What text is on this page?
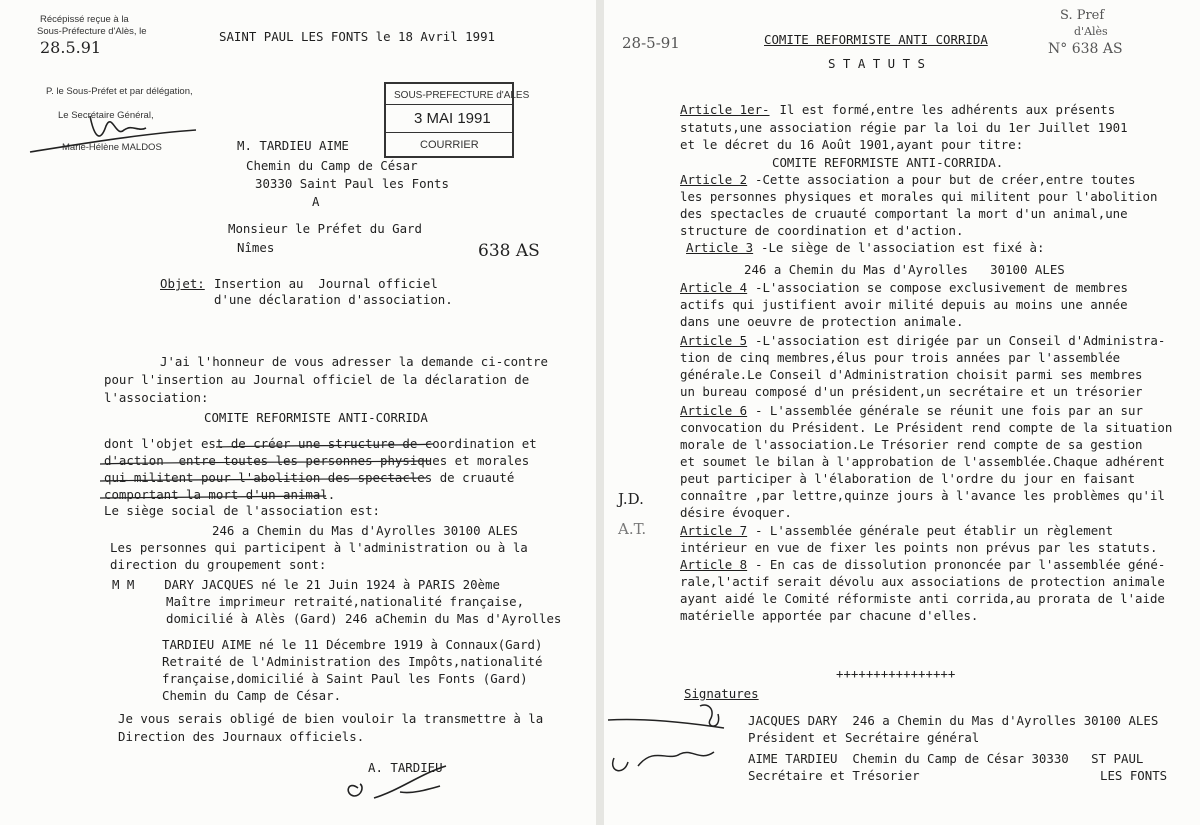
Récépissé reçue à la
Sous-Préfecture d'Alès, le
28.5.91
P. le Sous-Préfet et par délégation,
Le Secrétaire Général,
Marie-Hélène MALDOS
SAINT PAUL LES FONTS le 18 Avril 1991
SOUS-PREFECTURE d'ALES
3 MAI 1991
COURRIER
M. TARDIEU AIME
Chemin du Camp de César
30330 Saint Paul les Fonts
A
Monsieur le Préfet du Gard
Nîmes	638 AS
Objet: Insertion au  Journal officiel
d'une déclaration d'association.
J'ai l'honneur de vous adresser la demande ci-contre
pour l'insertion au Journal officiel de la déclaration de
l'association:
COMITE REFORMISTE ANTI-CORRIDA
dont l'objet est de créer une structure de coordination et
d'action  entre toutes les personnes physiques et morales
qui militent pour l'abolition des spectacles de cruauté
comportant la mort d'un animal.
Le siège social de l'association est:
246 a Chemin du Mas d'Ayrolles 30100 ALES
Les personnes qui participent à l'administration ou à la
direction du groupement sont:
M M    DARY JACQUES né le 21 Juin 1924 à PARIS 20ème
Maître imprimeur retraité,nationalité française,
domicilié à Alès (Gard) 246 aChemin du Mas d'Ayrolles
TARDIEU AIME né le 11 Décembre 1919 à Connaux(Gard)
Retraité de l'Administration des Impôts,nationalité
française,domicilié à Saint Paul les Fonts (Gard)
Chemin du Camp de César.
Je vous serais obligé de bien vouloir la transmettre à la
Direction des Journaux officiels.
A. TARDIEU
28-5-91
S. Pref
d'Alès
N° 638 AS
COMITE REFORMISTE ANTI CORRIDA
S T A T U T S
Article 1er- Il est formé,entre les adhérents aux présents
statuts,une association régie par la loi du 1er Juillet 1901
et le décret du 16 Août 1901,ayant pour titre:
COMITE REFORMISTE ANTI-CORRIDA.
Article 2 -Cette association a pour but de créer,entre toutes
les personnes physiques et morales qui militent pour l'abolition
des spectacles de cruauté comportant la mort d'un animal,une
structure de coordination et d'action.
Article 3 -Le siège de l'association est fixé à:
246 a Chemin du Mas d'Ayrolles   30100 ALES
Article 4 -L'association se compose exclusivement de membres
actifs qui justifient avoir milité depuis au moins une année
dans une oeuvre de protection animale.
Article 5 -L'association est dirigée par un Conseil d'Administra-
tion de cinq membres,élus pour trois années par l'assemblée
générale.Le Conseil d'Administration choisit parmi ses membres
un bureau composé d'un président,un secrétaire et un trésorier
Article 6 - L'assemblée générale se réunit une fois par an sur
convocation du Président. Le Président rend compte de la situation
morale de l'association.Le Trésorier rend compte de sa gestion
et soumet le bilan à l'approbation de l'assemblée.Chaque adhérent
peut participer à l'élaboration de l'ordre du jour en faisant
connaître ,par lettre,quinze jours à l'avance les problèmes qu'il
désire évoquer.
Article 7 - L'assemblée générale peut établir un règlement
intérieur en vue de fixer les points non prévus par les statuts.
Article 8 - En cas de dissolution prononcée par l'assemblée géné-
rale,l'actif serait dévolu aux associations de protection animale
ayant aidé le Comité réformiste anti corrida,au prorata de l'aide
matérielle apportée par chacune d'elles.
J.D.
A.T.
++++++++++++++++
Signatures
JACQUES DARY  246 a Chemin du Mas d'Ayrolles 30100 ALES
Président et Secrétaire général
AIME TARDIEU  Chemin du Camp de César 30330   ST PAUL
Secrétaire et Trésorier	LES FONTS
